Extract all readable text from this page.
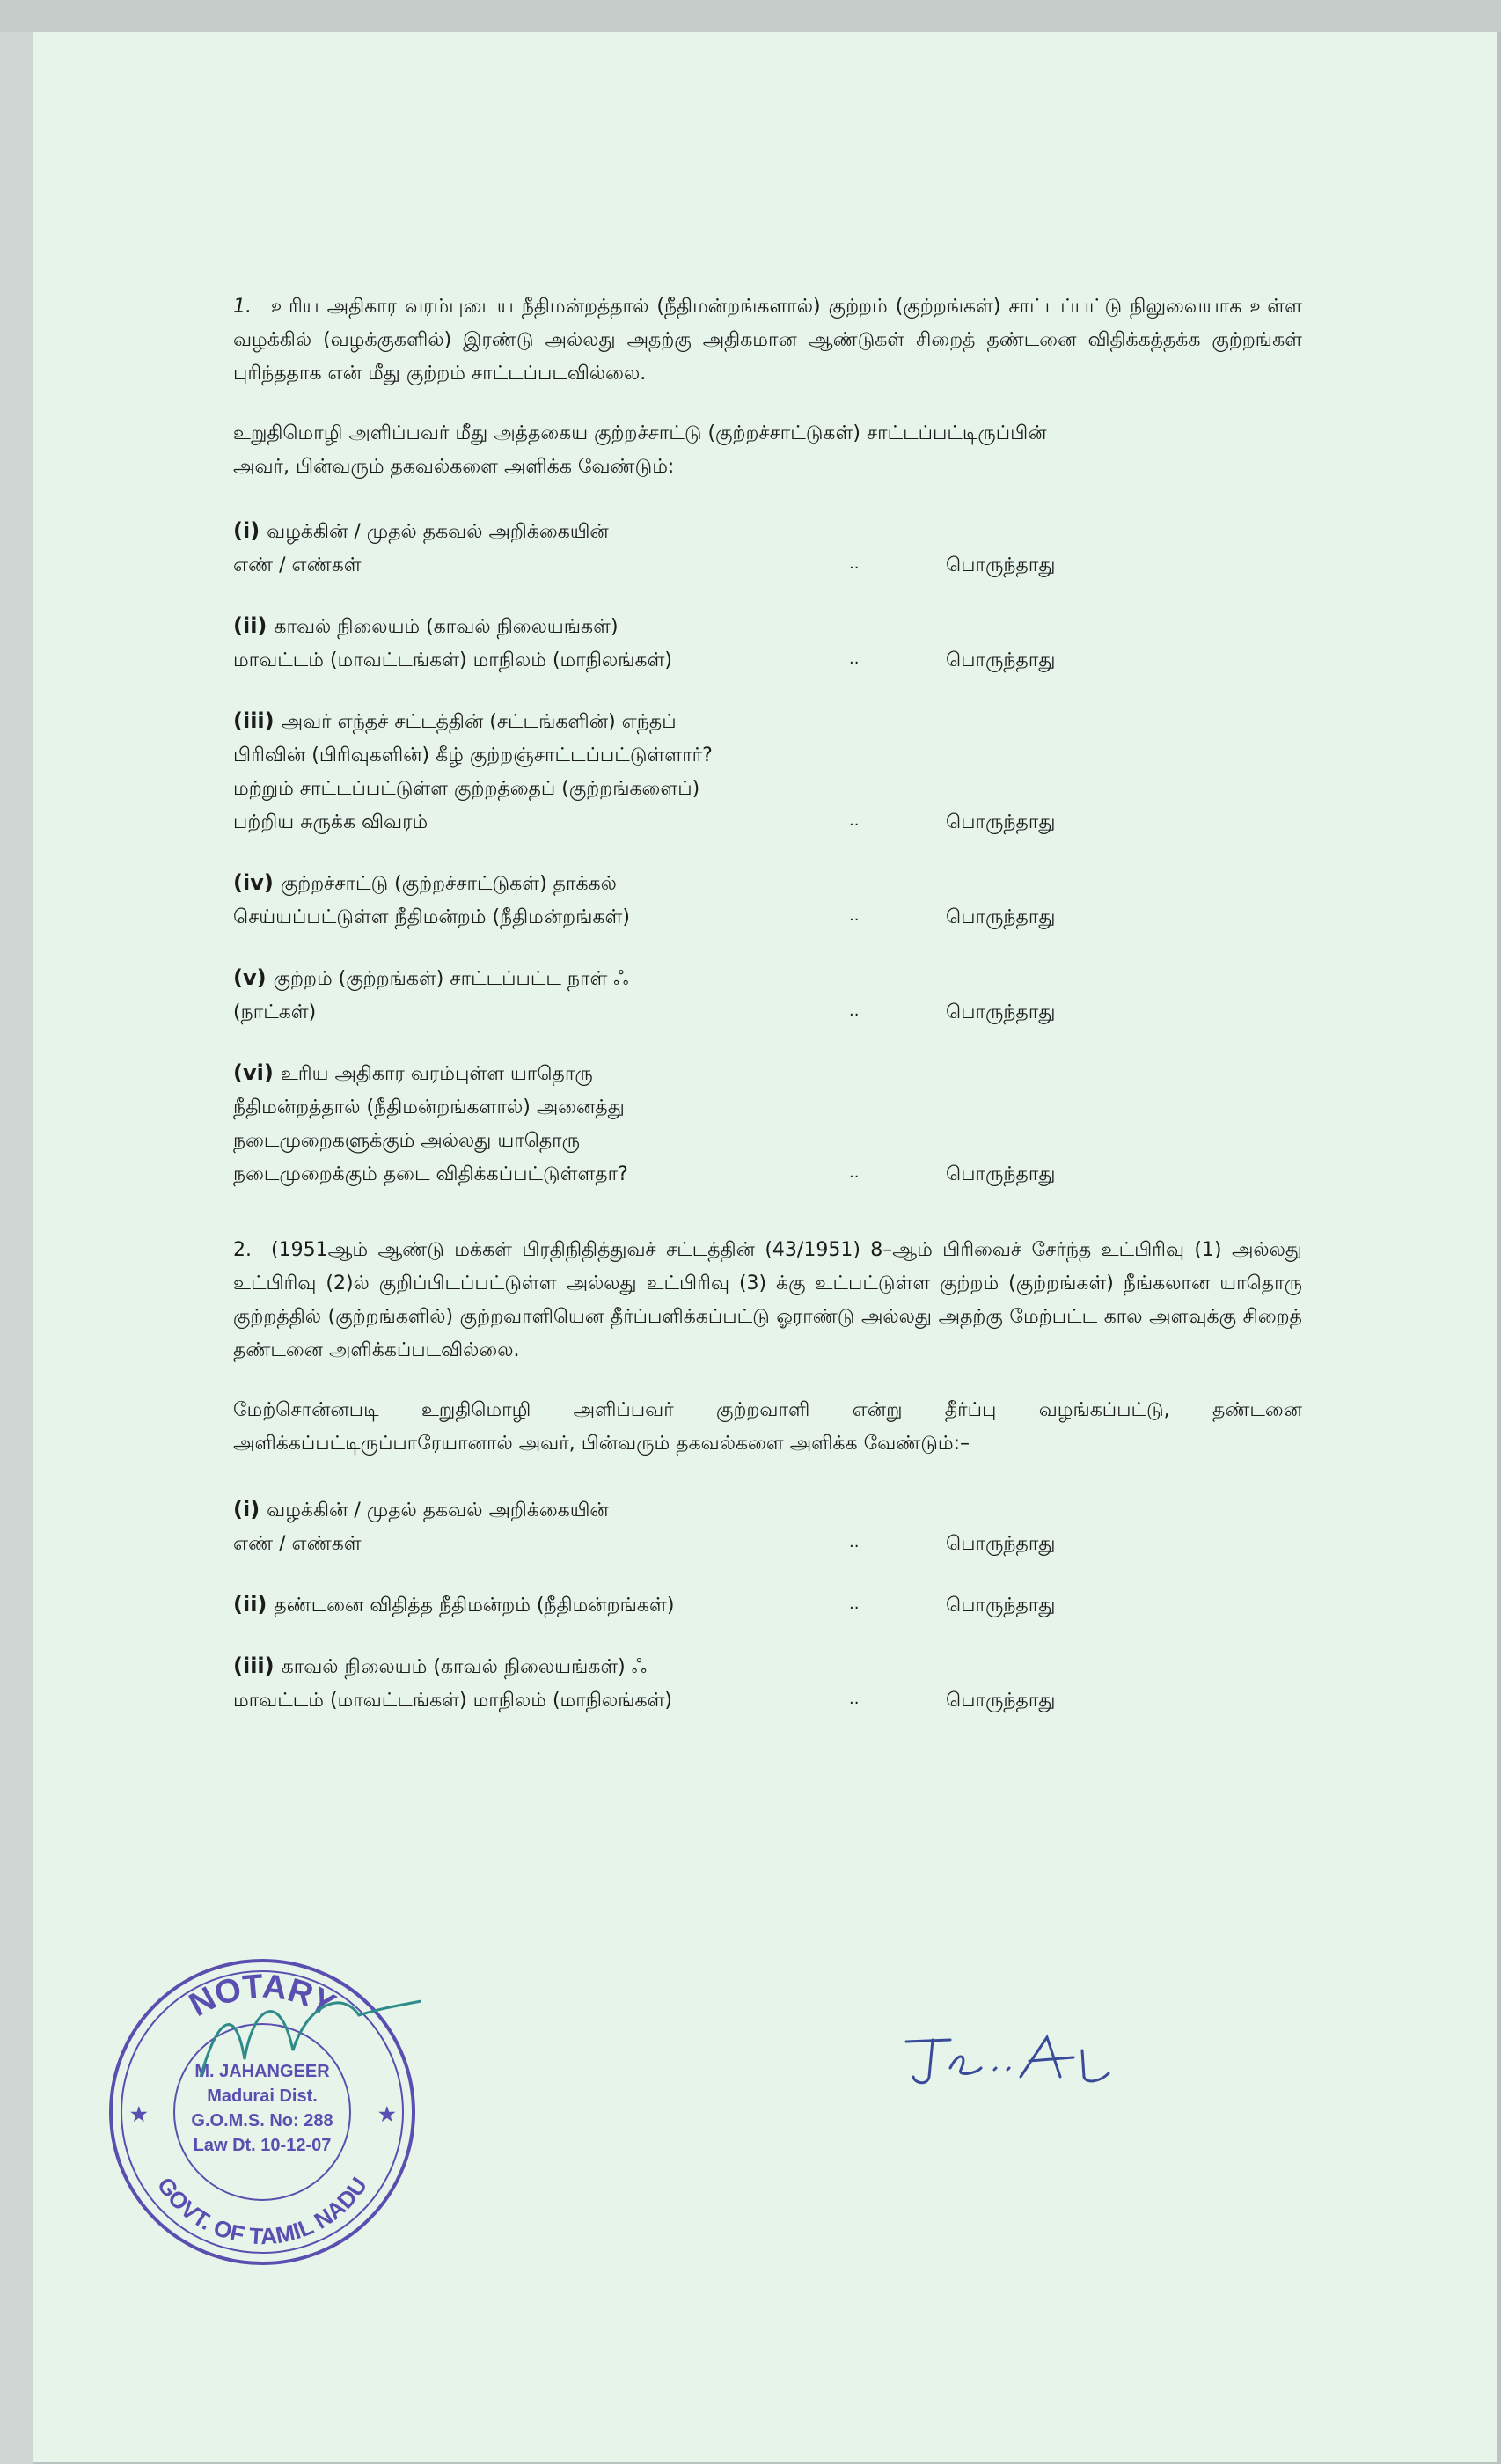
1. உரிய அதிகார வரம்புடைய நீதிமன்றத்தால் (நீதிமன்றங்களால்) குற்றம் (குற்றங்கள்) சாட்டப்பட்டு நிலுவையாக உள்ள வழக்கில் (வழக்குகளில்) இரண்டு அல்லது அதற்கு அதிகமான ஆண்டுகள் சிறைத் தண்டனை விதிக்கத்தக்க குற்றங்கள் புரிந்ததாக என் மீது குற்றம் சாட்டப்படவில்லை.

உறுதிமொழி அளிப்பவர் மீது அத்தகைய குற்றச்சாட்டு (குற்றச்சாட்டுகள்) சாட்டப்பட்டிருப்பின் அவர், பின்வரும் தகவல்களை அளிக்க வேண்டும்:

(i) வழக்கின் / முதல் தகவல் அறிக்கையின்
எண் / எண்கள்	..	பொருந்தாது
(ii) காவல் நிலையம் (காவல் நிலையங்கள்)
மாவட்டம் (மாவட்டங்கள்) மாநிலம் (மாநிலங்கள்)	..	பொருந்தாது
(iii) அவர் எந்தச் சட்டத்தின் (சட்டங்களின்) எந்தப்
பிரிவின் (பிரிவுகளின்) கீழ் குற்றஞ்சாட்டப்பட்டுள்ளார்?
மற்றும் சாட்டப்பட்டுள்ள குற்றத்தைப் (குற்றங்களைப்)
பற்றிய சுருக்க விவரம்	..	பொருந்தாது
(iv) குற்றச்சாட்டு (குற்றச்சாட்டுகள்) தாக்கல்
செய்யப்பட்டுள்ள நீதிமன்றம் (நீதிமன்றங்கள்)	..	பொருந்தாது
(v) குற்றம் (குற்றங்கள்) சாட்டப்பட்ட நாள் ஃ
(நாட்கள்)	..	பொருந்தாது
(vi) உரிய அதிகார வரம்புள்ள யாதொரு
நீதிமன்றத்தால் (நீதிமன்றங்களால்) அனைத்து
நடைமுறைகளுக்கும் அல்லது யாதொரு
நடைமுறைக்கும் தடை விதிக்கப்பட்டுள்ளதா?	..	பொருந்தாது

2. (1951ஆம் ஆண்டு மக்கள் பிரதிநிதித்துவச் சட்டத்தின் (43/1951) 8–ஆம் பிரிவைச் சேர்ந்த உட்பிரிவு (1) அல்லது உட்பிரிவு (2)ல் குறிப்பிடப்பட்டுள்ள அல்லது உட்பிரிவு (3) க்கு உட்பட்டுள்ள குற்றம் (குற்றங்கள்) நீங்கலான யாதொரு குற்றத்தில் (குற்றங்களில்) குற்றவாளியென தீர்ப்பளிக்கப்பட்டு ஓராண்டு அல்லது அதற்கு மேற்பட்ட கால அளவுக்கு சிறைத் தண்டனை அளிக்கப்படவில்லை.

மேற்சொன்னபடி உறுதிமொழி அளிப்பவர் குற்றவாளி என்று தீர்ப்பு வழங்கப்பட்டு, தண்டனை அளிக்கப்பட்டிருப்பாரேயானால் அவர், பின்வரும் தகவல்களை அளிக்க வேண்டும்:–

(i) வழக்கின் / முதல் தகவல் அறிக்கையின்
எண் / எண்கள்	..	பொருந்தாது
(ii) தண்டனை விதித்த நீதிமன்றம் (நீதிமன்றங்கள்)	..	பொருந்தாது
(iii) காவல் நிலையம் (காவல் நிலையங்கள்) ஃ
மாவட்டம் (மாவட்டங்கள்) மாநிலம் (மாநிலங்கள்)	..	பொருந்தாது
NOTARY
GOVT. OF TAMIL NADU
M. JAHANGEER
Madurai Dist.
G.O.M.S. No: 288
Law Dt. 10-12-07
★	★
